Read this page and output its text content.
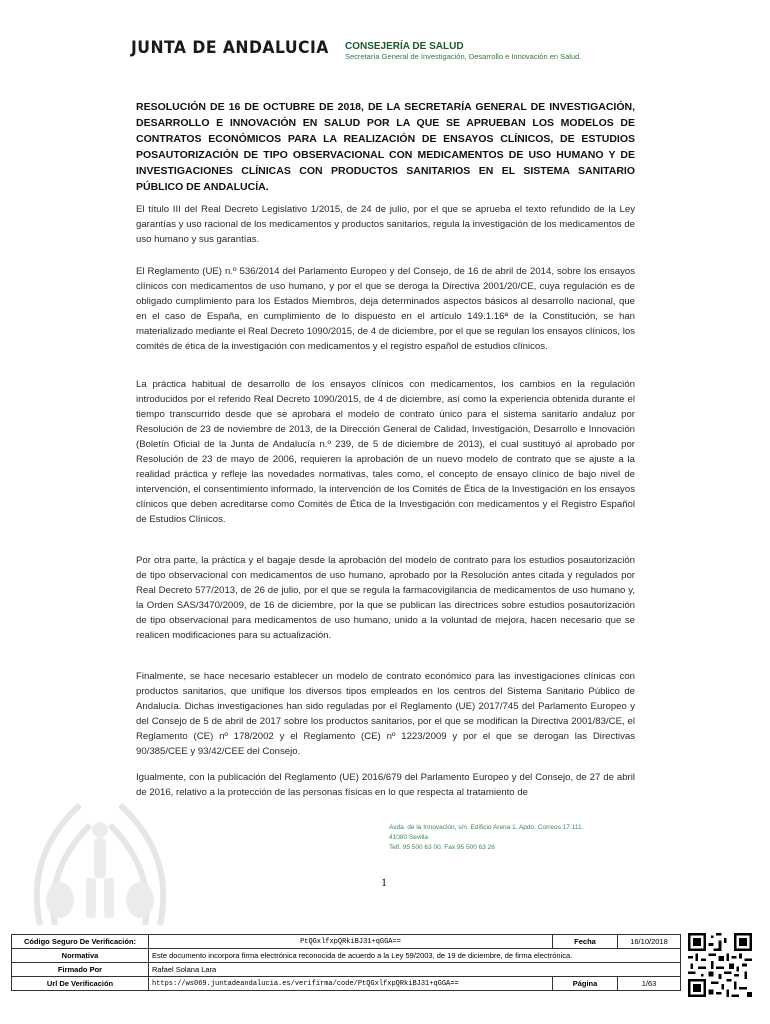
JUNTA DE ANDALUCIA CONSEJERÍA DE SALUD
Secretaría General de Investigación, Desarrollo e Innovación en Salud.
RESOLUCIÓN DE 16 DE OCTUBRE DE 2018, DE LA SECRETARÍA GENERAL DE INVESTIGACIÓN, DESARROLLO E INNOVACIÓN EN SALUD POR LA QUE SE APRUEBAN LOS MODELOS DE CONTRATOS ECONÓMICOS PARA LA REALIZACIÓN DE ENSAYOS CLÍNICOS, DE ESTUDIOS POSAUTORIZACIÓN DE TIPO OBSERVACIONAL CON MEDICAMENTOS DE USO HUMANO Y DE INVESTIGACIONES CLÍNICAS CON PRODUCTOS SANITARIOS EN EL SISTEMA SANITARIO PÚBLICO DE ANDALUCÍA.

El título III del Real Decreto Legislativo 1/2015, de 24 de julio, por el que se aprueba el texto refundido de la Ley garantías y uso racional de los medicamentos y productos sanitarios, regula la investigación de los medicamentos de uso humano y sus garantías.

El Reglamento (UE) n.º 536/2014 del Parlamento Europeo y del Consejo, de 16 de abril de 2014, sobre los ensayos clínicos con medicamentos de uso humano, y por el que se deroga la Directiva 2001/20/CE, cuya regulación es de obligado cumplimiento para los Estados Miembros, deja determinados aspectos básicos al desarrollo nacional, que en el caso de España, en cumplimiento de lo dispuesto en el artículo 149.1.16ª de la Constitución, se han materializado mediante el Real Decreto 1090/2015, de 4 de diciembre, por el que se regulan los ensayos clínicos, los comités de ética de la investigación con medicamentos y el registro español de estudios clínicos.

La práctica habitual de desarrollo de los ensayos clínicos con medicamentos, los cambios en la regulación introducidos por el referido Real Decreto 1090/2015, de 4 de diciembre, así como la experiencia obtenida durante el tiempo transcurrido desde que se aprobara el modelo de contrato único para el sistema sanitario andaluz por Resolución de 23 de noviembre de 2013, de la Dirección General de Calidad, Investigación, Desarrollo e Innovación (Boletín Oficial de la Junta de Andalucía n.º 239, de 5 de diciembre de 2013), el cual sustituyó al aprobado por Resolución de 23 de mayo de 2006, requieren la aprobación de un nuevo modelo de contrato que se ajuste a la realidad práctica y refleje las novedades normativas, tales como, el concepto de ensayo clínico de bajo nivel de intervención, el consentimiento informado, la intervención de los Comités de Ética de la Investigación en los ensayos clínicos que deben acreditarse como Comités de Ética de la Investigación con medicamentos y el Registro Español de Estudios Clínicos.

Por otra parte, la práctica y el bagaje desde la aprobación del modelo de contrato para los estudios posautorización de tipo observacional con medicamentos de uso humano, aprobado por la Resolución antes citada y regulados por Real Decreto 577/2013, de 26 de julio, por el que se regula la farmacovigilancia de medicamentos de uso humano y, la Orden SAS/3470/2009, de 16 de diciembre, por la que se publican las directrices sobre estudios posautorización de tipo observacional para medicamentos de uso humano, unido a la voluntad de mejora, hacen necesario que se realicen modificaciones para su actualización.

Finalmente, se hace necesario establecer un modelo de contrato económico para las investigaciones clínicas con productos sanitarios, que unifique los diversos tipos empleados en los centros del Sistema Sanitario Público de Andalucía. Dichas investigaciones han sido reguladas por el Reglamento (UE) 2017/745 del Parlamento Europeo y del Consejo de 5 de abril de 2017 sobre los productos sanitarios, por el que se modifican la Directiva 2001/83/CE, el Reglamento (CE) nº 178/2002 y el Reglamento (CE) nº 1223/2009 y por el que se derogan las Directivas 90/385/CEE y 93/42/CEE del Consejo.

Igualmente, con la publicación del Reglamento (UE) 2016/679 del Parlamento Europeo y del Consejo, de 27 de abril de 2016, relativo a la protección de las personas físicas en lo que respecta al tratamiento de

Avda. de la Innovación, s/n. Edificio Arena 1. Apdo. Correos 17.111.
41080 Sevilla
Telf. 95 500 63 00. Fax 95 500 63 26
1
Código Seguro De Verificación:	PtQGxlfxpQRkiBJ31+qGGA==	Fecha	16/10/2018
Normativa	Este documento incorpora firma electrónica reconocida de acuerdo a la Ley 59/2003, de 19 de diciembre, de firma electrónica.		
Firmado Por	Rafael Solana Lara		
Url De Verificación	https://ws069.juntadeandalucia.es/verifirma/code/PtQGxlfxpQRkiBJ31+qGGA==	Página	1/63
